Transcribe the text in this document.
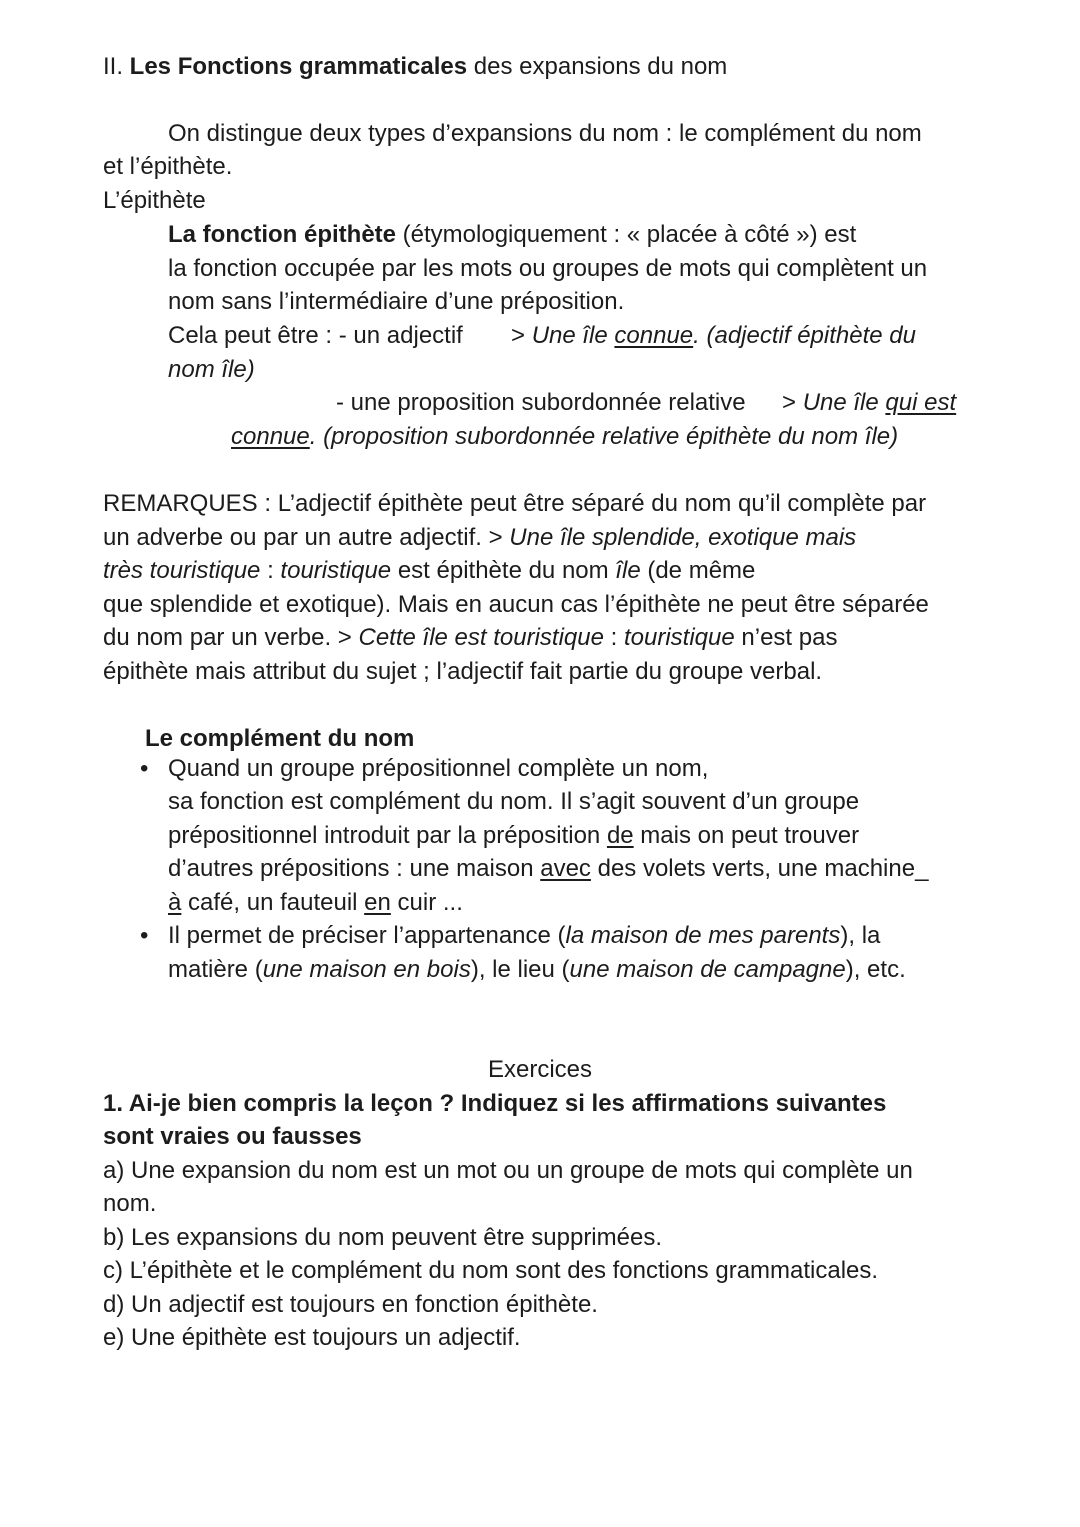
II. Les Fonctions grammaticales des expansions du nom
On distingue deux types d’expansions du nom : le complément du nom
et l’épithète.
L’épithète
La fonction épithète (étymologiquement : « placée à côté ») est
la fonction occupée par les mots ou groupes de mots qui complètent un
nom sans l’intermédiaire d’une préposition.
Cela peut être : - un adjectif > Une île connue. (adjectif épithète du
nom île)
- une proposition subordonnée relative > Une île qui est
connue. (proposition subordonnée relative épithète du nom île)
REMARQUES : L’adjectif épithète peut être séparé du nom qu’il complète par
un adverbe ou par un autre adjectif. > Une île splendide, exotique mais
très touristique : touristique est épithète du nom île (de même
que splendide et exotique). Mais en aucun cas l’épithète ne peut être séparée
du nom par un verbe. > Cette île est touristique : touristique n’est pas
épithète mais attribut du sujet ; l’adjectif fait partie du groupe verbal.
Le complément du nom
• Quand un groupe prépositionnel complète un nom,
sa fonction est complément du nom. Il s’agit souvent d’un groupe
prépositionnel introduit par la préposition de mais on peut trouver
d’autres prépositions : une maison avec des volets verts, une machine_
à café, un fauteuil en cuir ...
• Il permet de préciser l’appartenance (la maison de mes parents), la
matière (une maison en bois), le lieu (une maison de campagne), etc.
Exercices
1. Ai-je bien compris la leçon ? Indiquez si les affirmations suivantes
sont vraies ou fausses
a) Une expansion du nom est un mot ou un groupe de mots qui complète un
nom.
b) Les expansions du nom peuvent être supprimées.
c) L’épithète et le complément du nom sont des fonctions grammaticales.
d) Un adjectif est toujours en fonction épithète.
e) Une épithète est toujours un adjectif.
